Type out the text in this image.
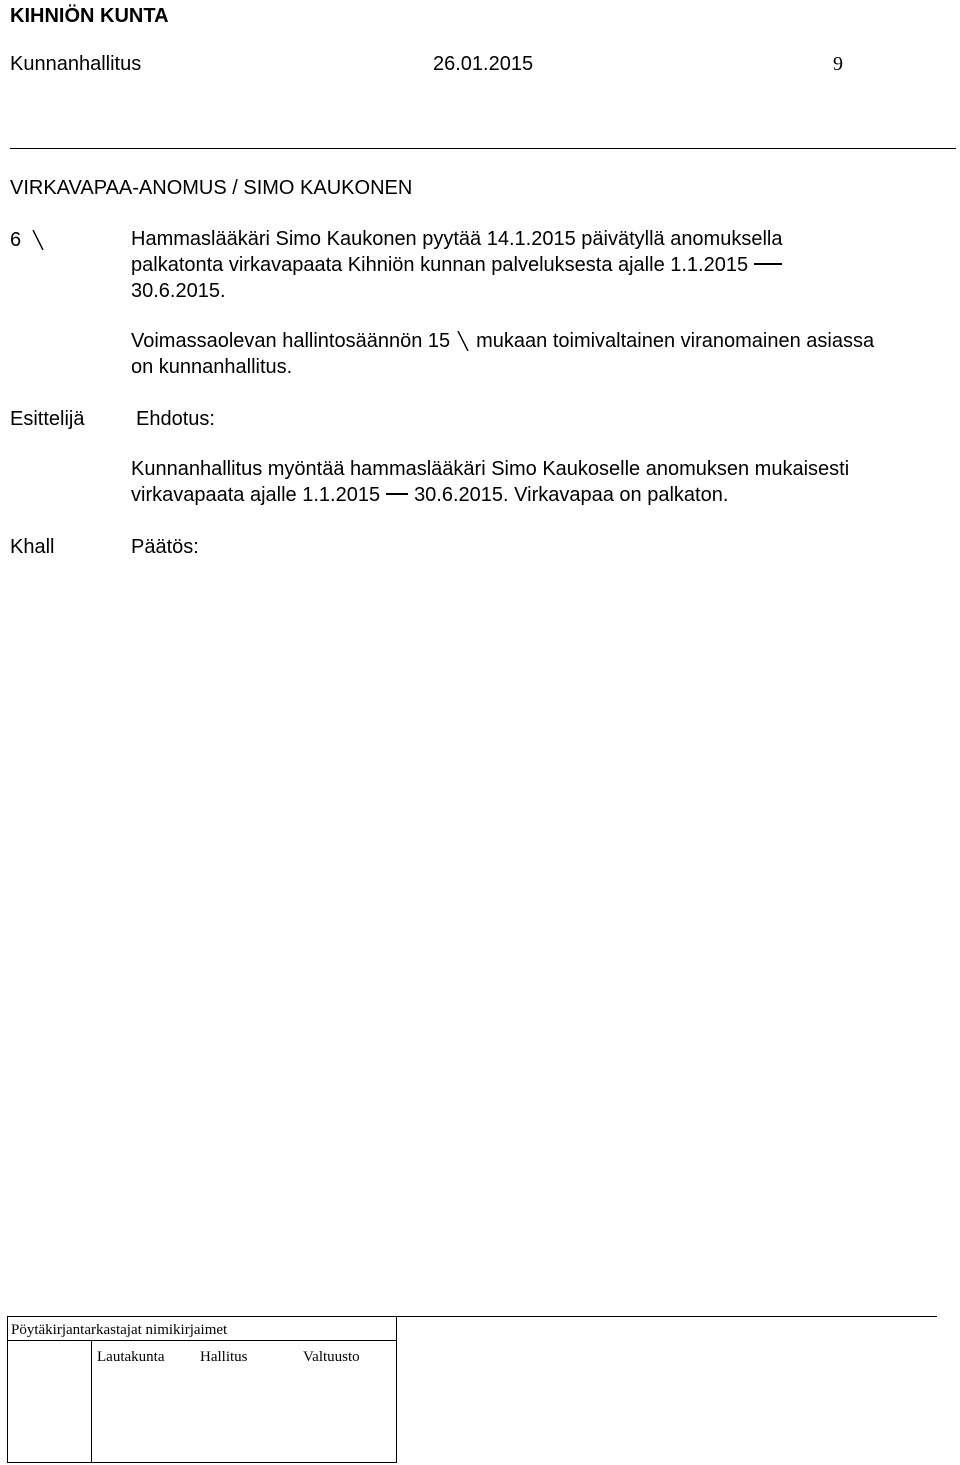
KIHNIÖN KUNTA
Kunnanhallitus	26.01.2015	9
VIRKAVAPAA-ANOMUS / SIMO KAUKONEN
6	Hammaslääkäri Simo Kaukonen pyytää 14.1.2015 päivätyllä anomuksella
palkatonta virkavapaata Kihniön kunnan palveluksesta ajalle 1.1.2015
30.6.2015.
Voimassaolevan hallintosäännön 15 mukaan toimivaltainen viranomainen asiassa
on kunnanhallitus.
Esittelijä	Ehdotus:
Kunnanhallitus myöntää hammaslääkäri Simo Kaukoselle anomuksen mukaisesti
virkavapaata ajalle 1.1.2015 30.6.2015. Virkavapaa on palkaton.
Khall	Päätös:
Pöytäkirjantarkastajat nimikirjaimet
Lautakunta Hallitus	Valtuusto
